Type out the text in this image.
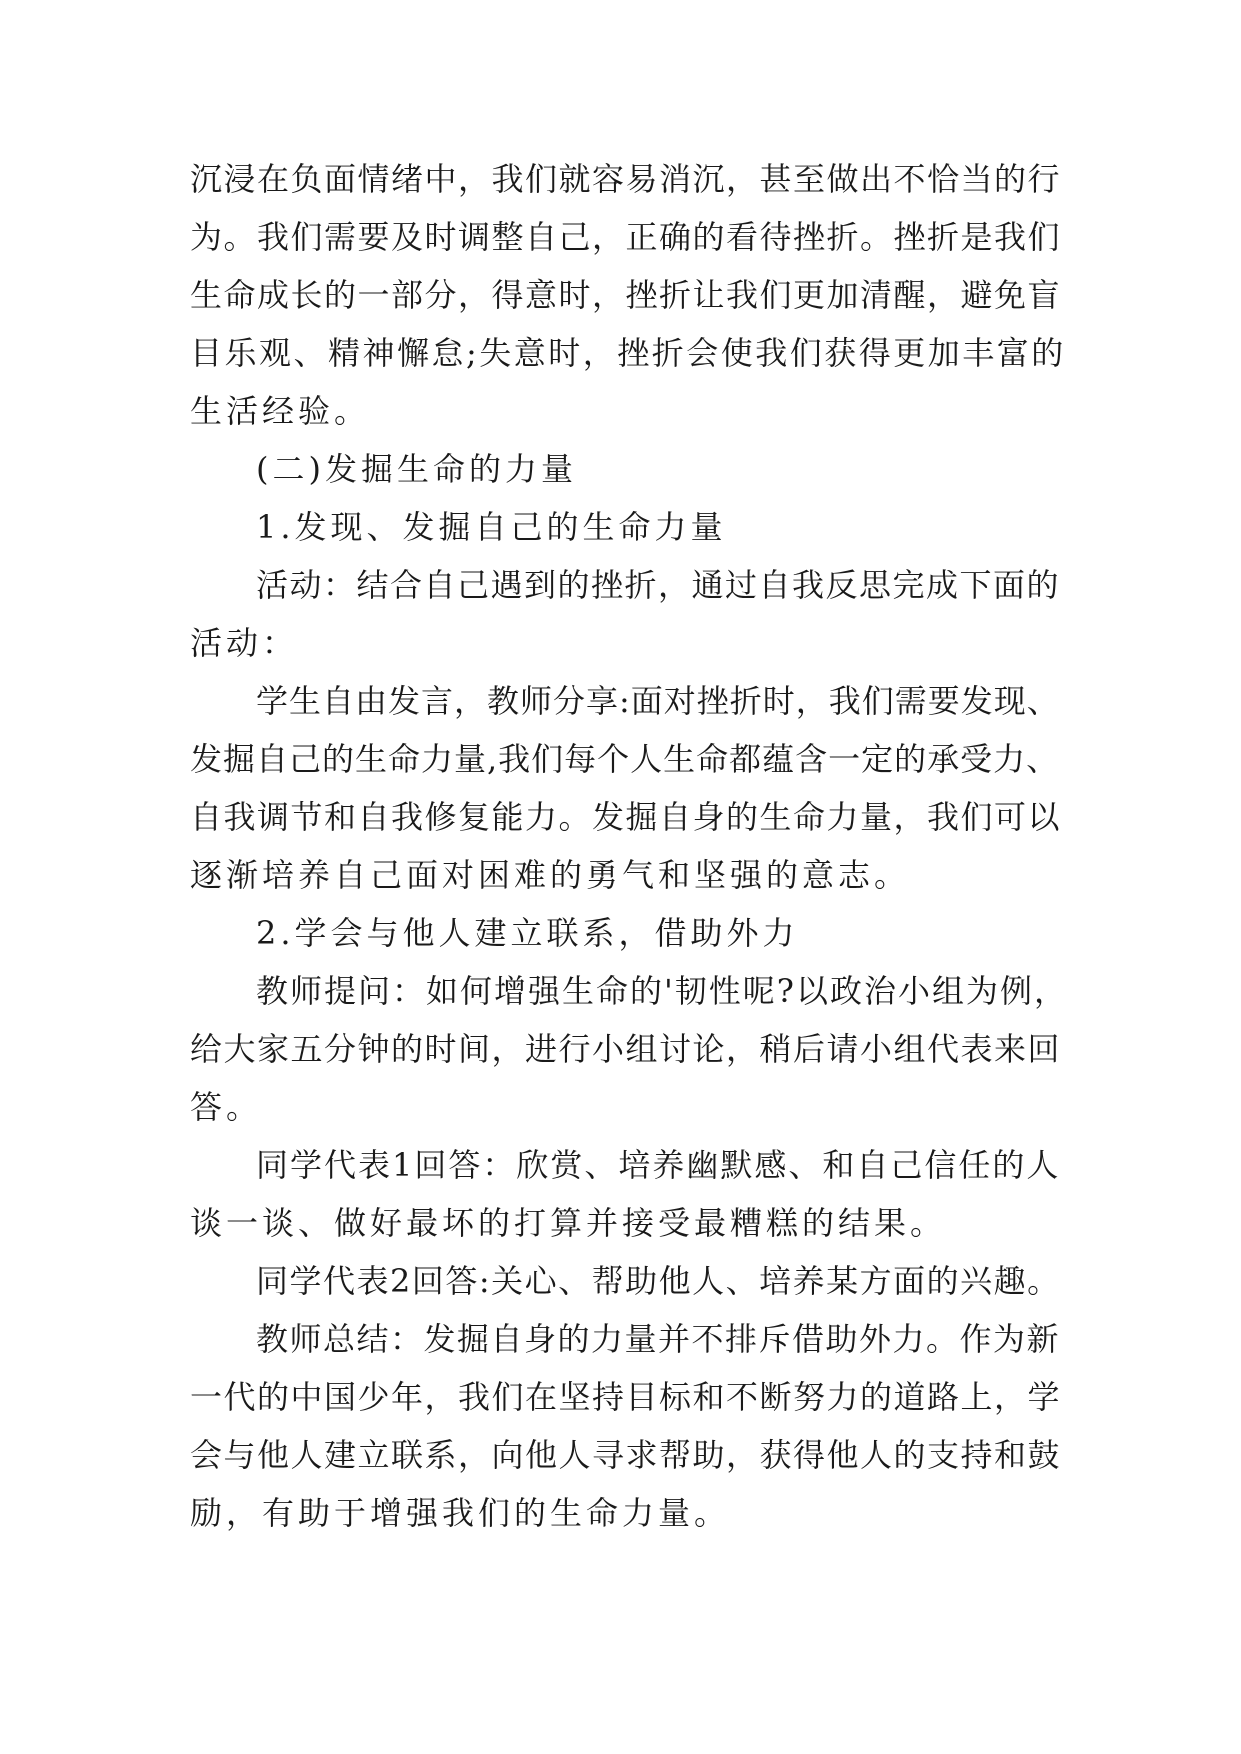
沉浸在负面情绪中，我们就容易消沉，甚至做出不恰当的行
为。我们需要及时调整自己，正确的看待挫折。挫折是我们
生命成长的一部分，得意时，挫折让我们更加清醒，避免盲
目乐观、精神懈怠;失意时，挫折会使我们获得更加丰富的
生活经验。
(二)发掘生命的力量
1.发现、发掘自己的生命力量
活动：结合自己遇到的挫折，通过自我反思完成下面的
活动：
学生自由发言，教师分享:面对挫折时，我们需要发现、
发掘自己的生命力量,我们每个人生命都蕴含一定的承受力、
自我调节和自我修复能力。发掘自身的生命力量，我们可以
逐渐培养自己面对困难的勇气和坚强的意志。
2.学会与他人建立联系，借助外力
教师提问：如何增强生命的'韧性呢?以政治小组为例，
给大家五分钟的时间，进行小组讨论，稍后请小组代表来回
答。
同学代表1回答：欣赏、培养幽默感、和自己信任的人
谈一谈、做好最坏的打算并接受最糟糕的结果。
同学代表2回答:关心、帮助他人、培养某方面的兴趣。
教师总结：发掘自身的力量并不排斥借助外力。作为新
一代的中国少年，我们在坚持目标和不断努力的道路上，学
会与他人建立联系，向他人寻求帮助，获得他人的支持和鼓
励，有助于增强我们的生命力量。
